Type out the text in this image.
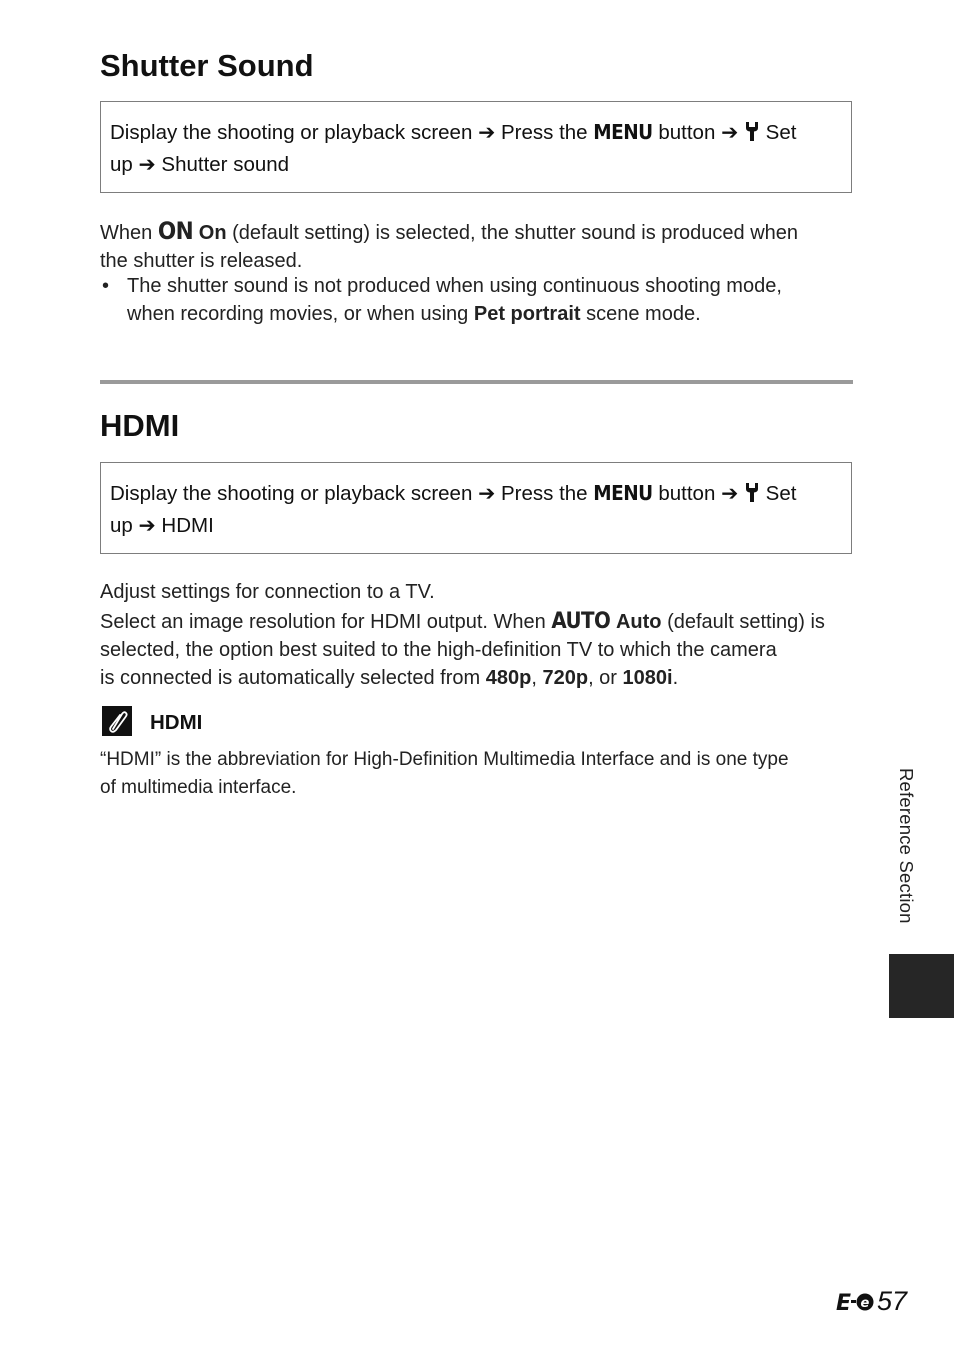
Shutter Sound
Display the shooting or playback screen ➔ Press the MENU button ➔ Set
up ➔ Shutter sound

When ON On (default setting) is selected, the shutter sound is produced when
the shutter is released.

• The shutter sound is not produced when using continuous shooting mode,
when recording movies, or when using Pet portrait scene mode.

HDMI
Display the shooting or playback screen ➔ Press the MENU button ➔ Set
up ➔ HDMI

Adjust settings for connection to a TV.

Select an image resolution for HDMI output. When AUTO Auto (default setting) is
selected, the option best suited to the high-definition TV to which the camera
is connected is automatically selected from 480p, 720p, or 1080i.

HDMI

“HDMI” is the abbreviation for High-Definition Multimedia Interface and is one type
of multimedia interface.	Reference Section
E e 57
